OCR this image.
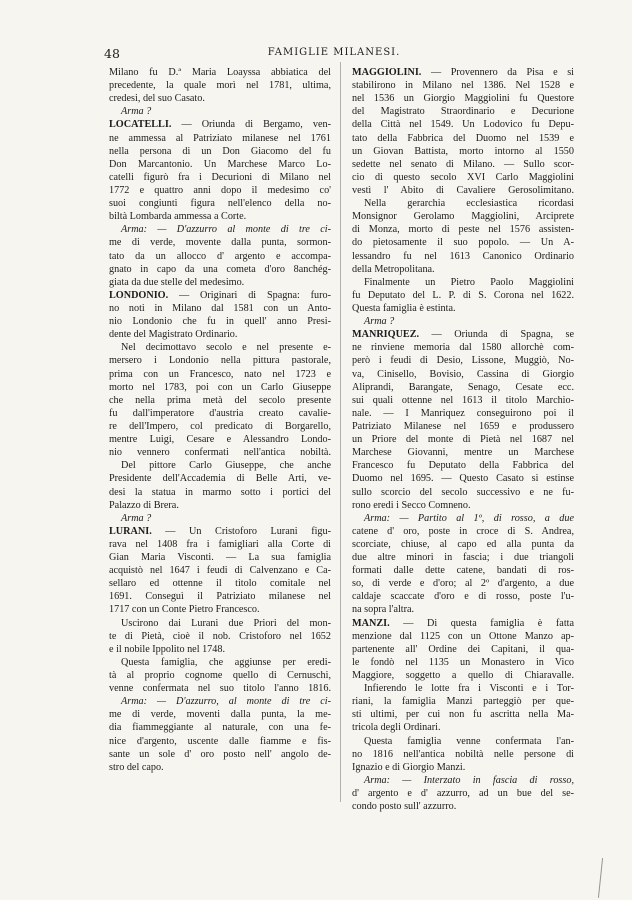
48	FAMIGLIE MILANESI.
Milano fu D.ª Maria Loayssa abbiatica del
precedente, la quale morì nel 1781, ultima,
credesi, del suo Casato.
Arma ?
LOCATELLI. — Oriunda di Bergamo, ven-
ne ammessa al Patriziato milanese nel 1761
nella persona di un Don Giacomo del fu
Don Marcantonio. Un Marchese Marco Lo-
catelli figurò fra i Decurioni di Milano nel
1772 e quattro anni dopo il medesimo co'
suoi congiunti figura nell'elenco della no-
biltà Lombarda ammessa a Corte.
Arma: — D'azzurro al monte di tre ci-
me di verde, movente dalla punta, sormon-
tato da un allocco d' argento e accompa-
gnato in capo da una cometa d'oro 8anchég-
giata da due stelle del medesimo.
LONDONIO. — Originari di Spagna: furo-
no noti in Milano dal 1581 con un Anto-
nio Londonio che fu in quell' anno Presi-
dente del Magistrato Ordinario.
Nel decimottavo secolo e nel presente e-
mersero i Londonio nella pittura pastorale,
prima con un Francesco, nato nel 1723 e
morto nel 1783, poi con un Carlo Giuseppe
che nella prima metà del secolo presente
fu dall'imperatore d'austria creato cavalie-
re dell'Impero, col predicato di Borgarello,
mentre Luigi, Cesare e Alessandro Londo-
nio vennero confermati nell'antica nobiltà.
Del pittore Carlo Giuseppe, che anche
Presidente dell'Accademia di Belle Arti, ve-
desi la statua in marmo sotto i portici del
Palazzo di Brera.
Arma ?
LURANI. — Un Cristoforo Lurani figu-
rava nel 1408 fra i famigliari alla Corte di
Gian Maria Visconti. — La sua famiglia
acquistò nel 1647 i feudi di Calvenzano e Ca-
sellaro ed ottenne il titolo comitale nel
1691. Conseguì il Patriziato milanese nel
1717 con un Conte Pietro Francesco.
Uscirono dai Lurani due Priori del mon-
te di Pietà, cioè il nob. Cristoforo nel 1652
e il nobile Ippolito nel 1748.
Questa famiglia, che aggiunse per eredi-
tà al proprio cognome quello di Cernuschi,
venne confermata nel suo titolo l'anno 1816.
Arma: — D'azzurro, al monte di tre ci-
me di verde, moventi dalla punta, la me-
dia fiammeggiante al naturale, con una fe-
nice d'argento, uscente dalle fiamme e fis-
sante un sole d' oro posto nell' angolo de-
stro del capo.
MAGGIOLINI. — Provennero da Pisa e si
stabilirono in Milano nel 1386. Nel 1528 e
nel 1536 un Giorgio Maggiolini fu Questore
del Magistrato Straordinario e Decurione
della Città nel 1549. Un Lodovico fu Depu-
tato della Fabbrica del Duomo nel 1539 e
un Giovan Battista, morto intorno al 1550
sedette nel senato di Milano. — Sullo scor-
cio di questo secolo XVI Carlo Maggiolini
vestì l' Abito di Cavaliere Gerosolimitano.
Nella gerarchia ecclesiastica ricordasi
Monsignor Gerolamo Maggiolini, Arciprete
di Monza, morto di peste nel 1576 assisten-
do pietosamente il suo popolo. — Un A-
lessandro fu nel 1613 Canonico Ordinario
della Metropolitana.
Finalmente un Pietro Paolo Maggiolini
fu Deputato del L. P. di S. Corona nel 1622.
Questa famiglia è estinta.
Arma ?
MANRIQUEZ. — Oriunda di Spagna, se
ne rinviene memoria dal 1580 allorchè com-
però i feudi di Desio, Lissone, Muggiò, No-
va, Cinisello, Bovisio, Cassina di Giorgio
Aliprandi, Barangate, Senago, Cesate ecc.
sui quali ottenne nel 1613 il titolo Marchio-
nale. — I Manriquez conseguirono poi il
Patriziato Milanese nel 1659 e produssero
un Priore del monte di Pietà nel 1687 nel
Marchese Giovanni, mentre un Marchese
Francesco fu Deputato della Fabbrica del
Duomo nel 1695. — Questo Casato si estinse
sullo scorcio del secolo successivo e ne fu-
rono eredi i Secco Comneno.
Arma: — Partito al 1º, di rosso, a due
catene d' oro, poste in croce di S. Andrea,
scorciate, chiuse, al capo ed alla punta da
due altre minori in fascia; i due triangoli
formati dalle dette catene, bandati di ros-
so, di verde e d'oro; al 2º d'argento, a due
caldaje scaccate d'oro e di rosso, poste l'u-
na sopra l'altra.
MANZI. — Di questa famiglia è fatta
menzione dal 1125 con un Ottone Manzo ap-
partenente all' Ordine dei Capitani, il qua-
le fondò nel 1135 un Monastero in Vico
Maggiore, soggetto a quello di Chiaravalle.
Infierendo le lotte fra i Visconti e i Tor-
riani, la famiglia Manzi parteggiò per que-
sti ultimi, per cui non fu ascritta nella Ma-
tricola degli Ordinari.
Questa famiglia venne confermata l'an-
no 1816 nell'antica nobiltà nelle persone di
Ignazio e di Giorgio Manzi.
Arma: — Interzato in fascia di rosso,
d' argento e d' azzurro, ad un bue del se-
condo posto sull' azzurro.
